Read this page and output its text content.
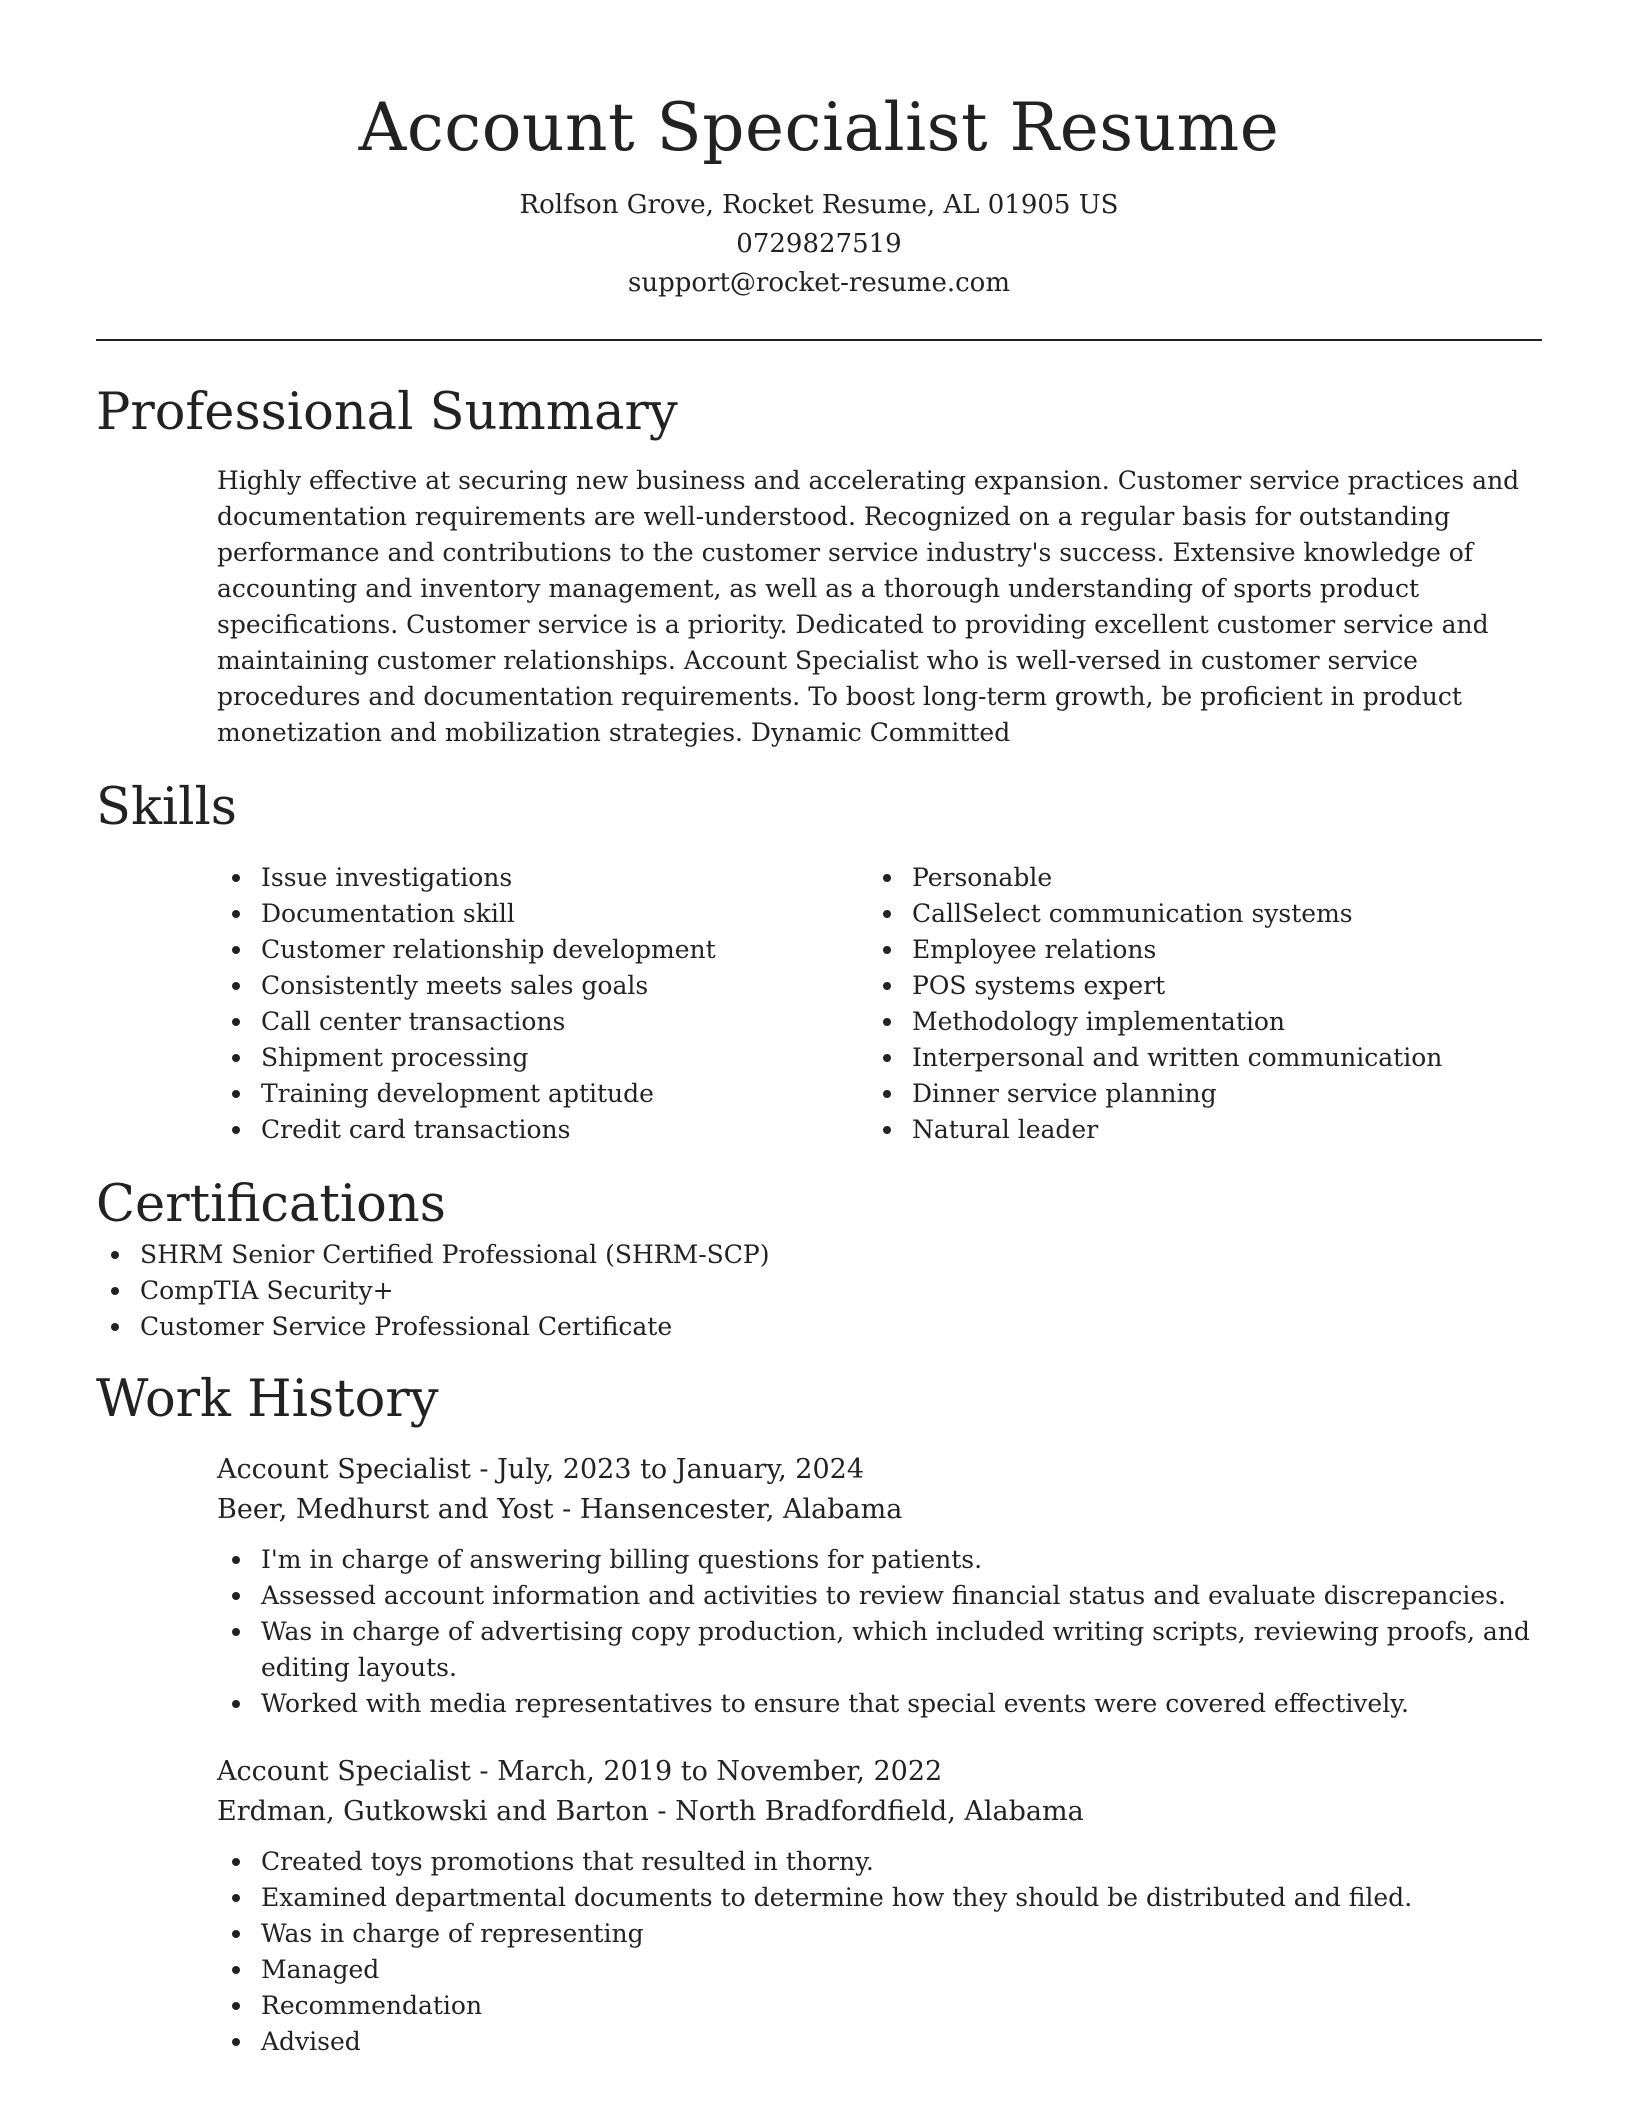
Account Specialist Resume
Rolfson Grove, Rocket Resume, AL 01905 US
0729827519
support@rocket-resume.com
Professional Summary
Highly effective at securing new business and accelerating expansion. Customer service practices and documentation requirements are well-understood. Recognized on a regular basis for outstanding performance and contributions to the customer service industry's success. Extensive knowledge of accounting and inventory management, as well as a thorough understanding of sports product specifications. Customer service is a priority. Dedicated to providing excellent customer service and maintaining customer relationships. Account Specialist who is well-versed in customer service procedures and documentation requirements. To boost long-term growth, be proficient in product monetization and mobilization strategies. Dynamic Committed
Skills
Issue investigations
Documentation skill
Customer relationship development
Consistently meets sales goals
Call center transactions
Shipment processing
Training development aptitude
Credit card transactions
Personable
CallSelect communication systems
Employee relations
POS systems expert
Methodology implementation
Interpersonal and written communication
Dinner service planning
Natural leader
Certifications
SHRM Senior Certified Professional (SHRM-SCP)
CompTIA Security+
Customer Service Professional Certificate
Work History
Account Specialist - July, 2023 to January, 2024
Beer, Medhurst and Yost - Hansencester, Alabama
I'm in charge of answering billing questions for patients.
Assessed account information and activities to review financial status and evaluate discrepancies.
Was in charge of advertising copy production, which included writing scripts, reviewing proofs, and editing layouts.
Worked with media representatives to ensure that special events were covered effectively.
Account Specialist - March, 2019 to November, 2022
Erdman, Gutkowski and Barton - North Bradfordfield, Alabama
Created toys promotions that resulted in thorny.
Examined departmental documents to determine how they should be distributed and filed.
Was in charge of representing
Managed
Recommendation
Advised
